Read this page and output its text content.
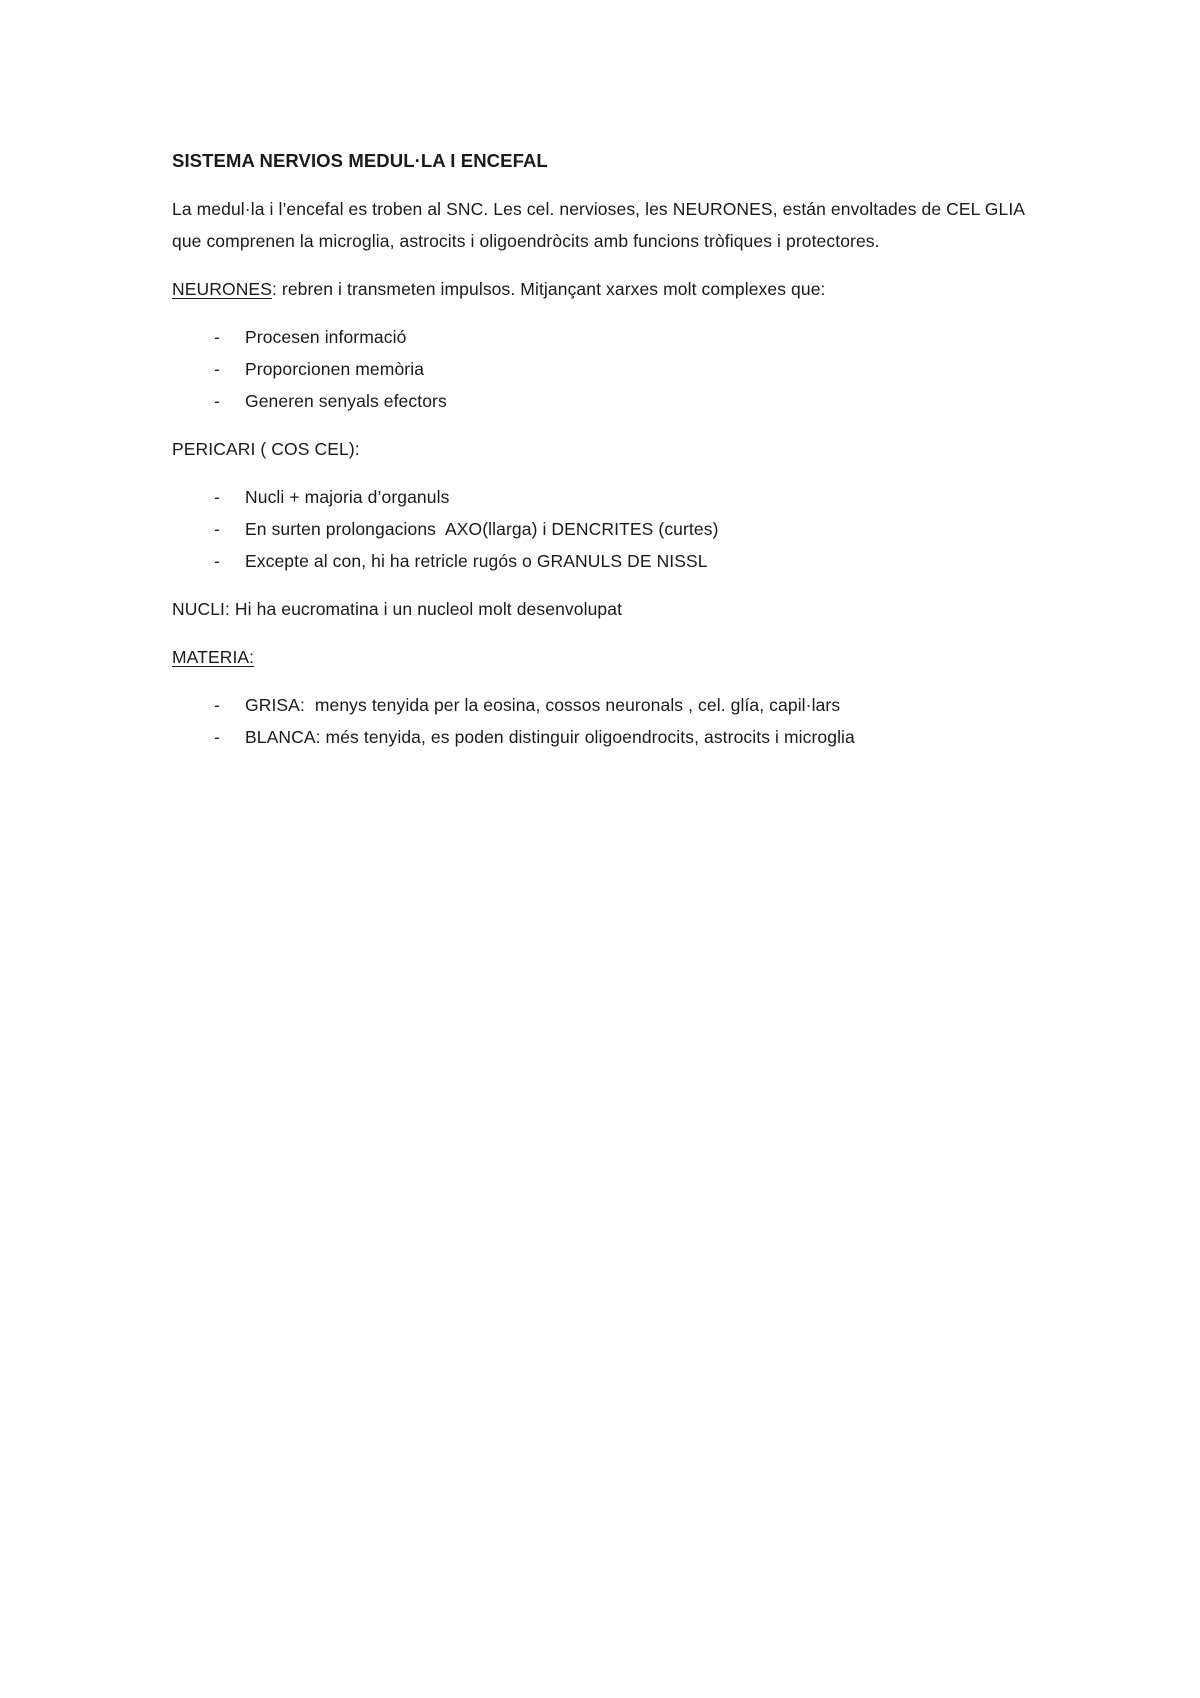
SISTEMA NERVIOS MEDUL·LA I ENCEFAL

La medul·la i l’encefal es troben al SNC. Les cel. nervioses, les NEURONES, están envoltades de CEL GLIA que comprenen la microglia, astrocits i oligoendròcits amb funcions tròfiques i protectores.

NEURONES: rebren i transmeten impulsos. Mitjançant xarxes molt complexes que:

- Procesen informació
- Proporcionen memòria
- Generen senyals efectors

PERICARI ( COS CEL):

- Nucli + majoria d’organuls
- En surten prolongacions  AXO(llarga) i DENCRITES (curtes)
- Excepte al con, hi ha retricle rugós o GRANULS DE NISSL

NUCLI: Hi ha eucromatina i un nucleol molt desenvolupat

MATERIA:

- GRISA:  menys tenyida per la eosina, cossos neuronals , cel. glía, capil·lars
- BLANCA: més tenyida, es poden distinguir oligoendrocits, astrocits i microglia
